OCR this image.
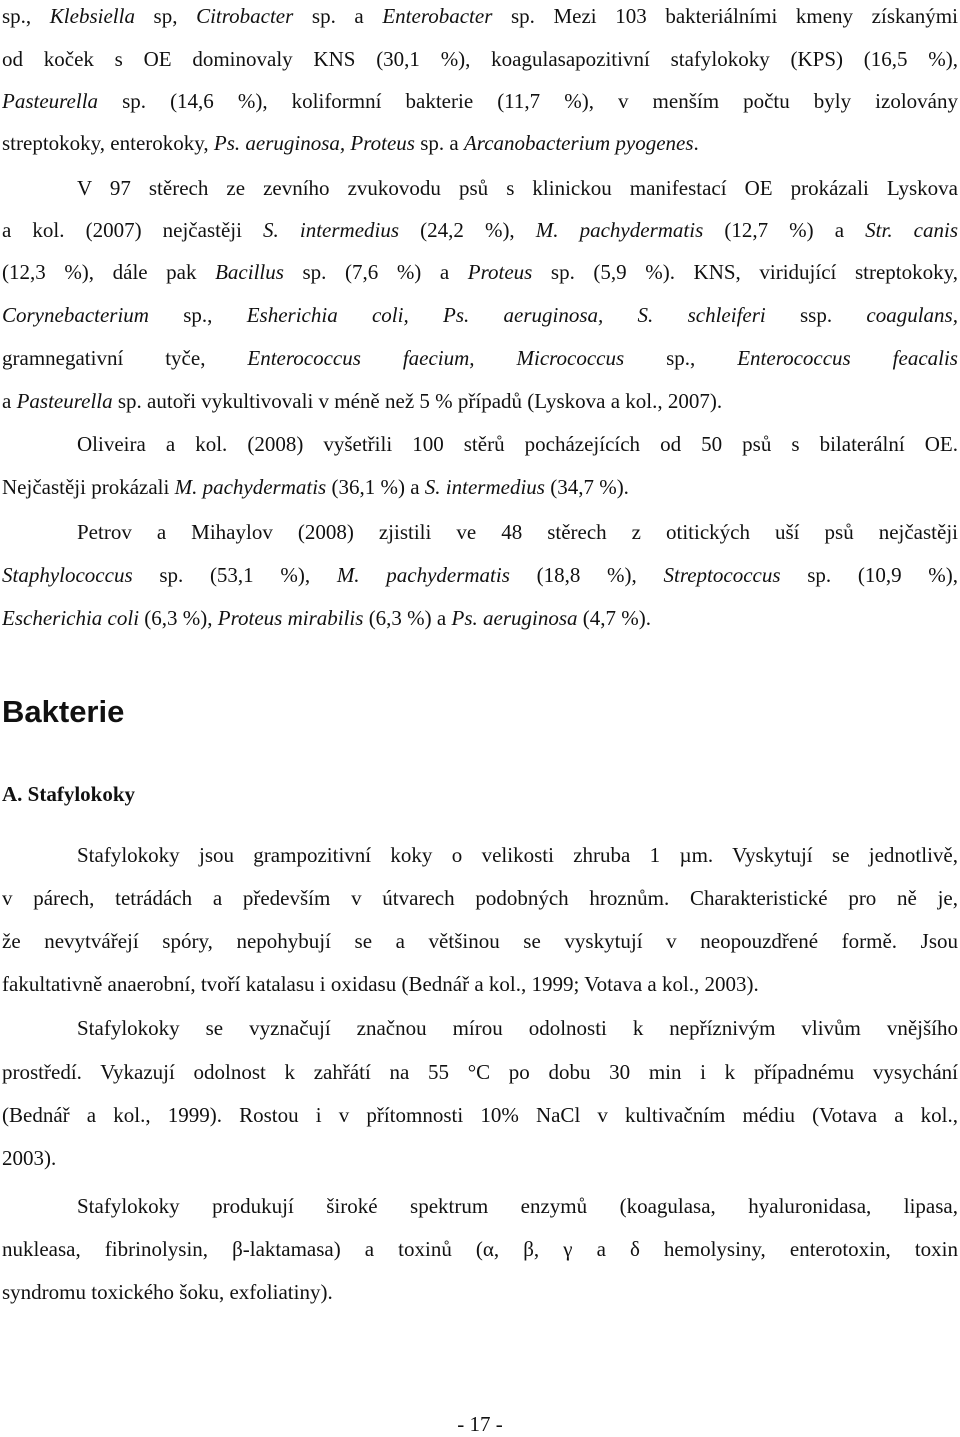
sp., Klebsiella sp, Citrobacter sp. a Enterobacter sp. Mezi 103 bakteriálními kmeny získanými
od koček s OE dominovaly KNS (30,1 %), koagulasapozitivní stafylokoky (KPS) (16,5 %),
Pasteurella sp. (14,6 %), koliformní bakterie (11,7 %), v menším počtu byly izolovány
streptokoky, enterokoky, Ps. aeruginosa, Proteus sp. a Arcanobacterium pyogenes.
V 97 stěrech ze zevního zvukovodu psů s klinickou manifestací OE prokázali Lyskova
a kol. (2007) nejčastěji S. intermedius (24,2 %), M. pachydermatis (12,7 %) a Str. canis
(12,3 %), dále pak Bacillus sp. (7,6 %) a Proteus sp. (5,9 %). KNS, viridující streptokoky,
Corynebacterium sp., Esherichia coli, Ps. aeruginosa, S. schleiferi ssp. coagulans,
gramnegativní tyče, Enterococcus faecium, Micrococcus sp., Enterococcus feacalis
a Pasteurella sp. autoři vykultivovali v méně než 5 % případů (Lyskova a kol., 2007).
Oliveira a kol. (2008) vyšetřili 100 stěrů pocházejících od 50 psů s bilaterální OE.
Nejčastěji prokázali M. pachydermatis (36,1 %) a S. intermedius (34,7 %).
Petrov a Mihaylov (2008) zjistili ve 48 stěrech z otitických uší psů nejčastěji
Staphylococcus sp. (53,1 %), M. pachydermatis (18,8 %), Streptococcus sp. (10,9 %),
Escherichia coli (6,3 %), Proteus mirabilis (6,3 %) a Ps. aeruginosa (4,7 %).
Stafylokoky jsou grampozitivní koky o velikosti zhruba 1 µm. Vyskytují se jednotlivě,
v párech, tetrádách a především v útvarech podobných hroznům. Charakteristické pro ně je,
že nevytvářejí spóry, nepohybují se a většinou se vyskytují v neopouzdřené formě. Jsou
fakultativně anaerobní, tvoří katalasu i oxidasu (Bednář a kol., 1999; Votava a kol., 2003).
Stafylokoky se vyznačují značnou mírou odolnosti k nepříznivým vlivům vnějšího
prostředí. Vykazují odolnost k zahřátí na 55 °C po dobu 30 min i k případnému vysychání
(Bednář a kol., 1999). Rostou i v přítomnosti 10% NaCl v kultivačním médiu (Votava a kol.,
2003).
Stafylokoky produkují široké spektrum enzymů (koagulasa, hyaluronidasa, lipasa,
nukleasa, fibrinolysin, β-laktamasa) a toxinů (α, β, γ a δ hemolysiny, enterotoxin, toxin
syndromu toxického šoku, exfoliatiny).
Bakterie
A. Stafylokoky
- 17 -
